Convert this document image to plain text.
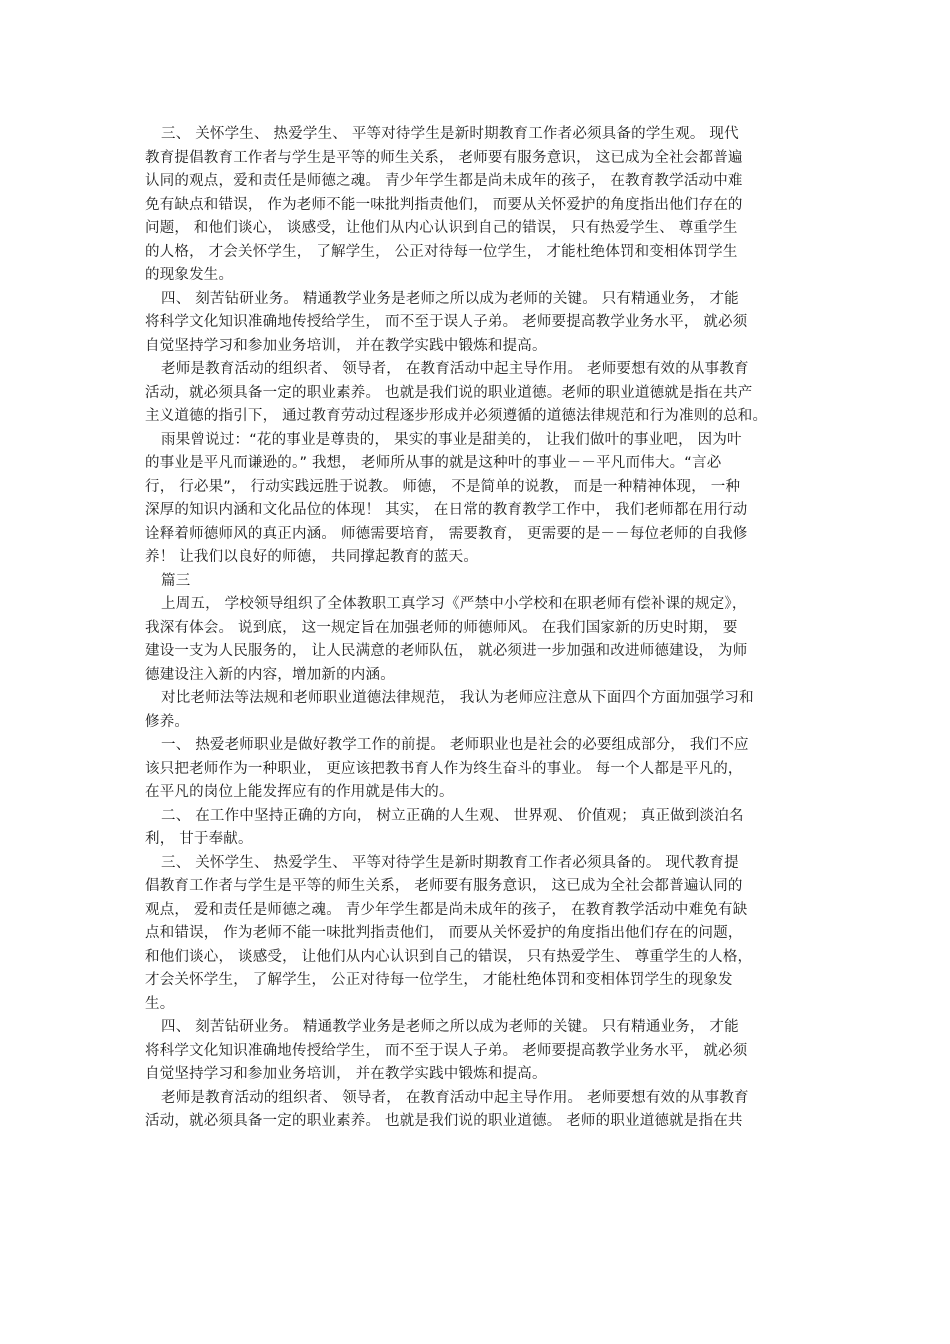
三、 关怀学生、 热爱学生、 平等对待学生是新时期教育工作者必须具备的学生观。 现代
教育提倡教育工作者与学生是平等的师生关系， 老师要有服务意识， 这已成为全社会都普遍
认同的观点，爱和责任是师德之魂。 青少年学生都是尚未成年的孩子， 在教育教学活动中难
免有缺点和错误， 作为老师不能一味批判指责他们， 而要从关怀爱护的角度指出他们存在的
问题， 和他们谈心， 谈感受，让他们从内心认识到自己的错误， 只有热爱学生、 尊重学生
的人格， 才会关怀学生， 了解学生， 公正对待每一位学生， 才能杜绝体罚和变相体罚学生
的现象发生。
四、 刻苦钻研业务。 精通教学业务是老师之所以成为老师的关键。 只有精通业务， 才能
将科学文化知识准确地传授给学生， 而不至于误人子弟。 老师要提高教学业务水平， 就必须
自觉坚持学习和参加业务培训， 并在教学实践中锻炼和提高。
老师是教育活动的组织者、 领导者， 在教育活动中起主导作用。 老师要想有效的从事教育
活动，就必须具备一定的职业素养。 也就是我们说的职业道德。老师的职业道德就是指在共产
主义道德的指引下， 通过教育劳动过程逐步形成并必须遵循的道德法律规范和行为准则的总和。
雨果曾说过：“花的事业是尊贵的， 果实的事业是甜美的， 让我们做叶的事业吧， 因为叶
的事业是平凡而谦逊的。” 我想， 老师所从事的就是这种叶的事业－－平凡而伟大。“言必
行， 行必果”， 行动实践远胜于说教。 师德， 不是简单的说教， 而是一种精神体现， 一种
深厚的知识内涵和文化品位的体现！ 其实， 在日常的教育教学工作中， 我们老师都在用行动
诠释着师德师风的真正内涵。 师德需要培育， 需要教育， 更需要的是－－每位老师的自我修
养！ 让我们以良好的师德， 共同撑起教育的蓝天。
篇三
上周五， 学校领导组织了全体教职工真学习《严禁中小学校和在职老师有偿补课的规定》，
我深有体会。 说到底， 这一规定旨在加强老师的师德师风。 在我们国家新的历史时期， 要
建设一支为人民服务的， 让人民满意的老师队伍， 就必须进一步加强和改进师德建设， 为师
德建设注入新的内容，增加新的内涵。
对比老师法等法规和老师职业道德法律规范， 我认为老师应注意从下面四个方面加强学习和
修养。
一、 热爱老师职业是做好教学工作的前提。 老师职业也是社会的必要组成部分， 我们不应
该只把老师作为一种职业， 更应该把教书育人作为终生奋斗的事业。 每一个人都是平凡的，
在平凡的岗位上能发挥应有的作用就是伟大的。
二、 在工作中坚持正确的方向， 树立正确的人生观、 世界观、 价值观； 真正做到淡泊名
利， 甘于奉献。
三、 关怀学生、 热爱学生、 平等对待学生是新时期教育工作者必须具备的。 现代教育提
倡教育工作者与学生是平等的师生关系， 老师要有服务意识， 这已成为全社会都普遍认同的
观点， 爱和责任是师德之魂。 青少年学生都是尚未成年的孩子， 在教育教学活动中难免有缺
点和错误， 作为老师不能一味批判指责他们， 而要从关怀爱护的角度指出他们存在的问题，
和他们谈心， 谈感受， 让他们从内心认识到自己的错误， 只有热爱学生、 尊重学生的人格，
才会关怀学生， 了解学生， 公正对待每一位学生， 才能杜绝体罚和变相体罚学生的现象发
生。
四、 刻苦钻研业务。 精通教学业务是老师之所以成为老师的关键。 只有精通业务， 才能
将科学文化知识准确地传授给学生， 而不至于误人子弟。 老师要提高教学业务水平， 就必须
自觉坚持学习和参加业务培训， 并在教学实践中锻炼和提高。
老师是教育活动的组织者、 领导者， 在教育活动中起主导作用。 老师要想有效的从事教育
活动，就必须具备一定的职业素养。 也就是我们说的职业道德。 老师的职业道德就是指在共
